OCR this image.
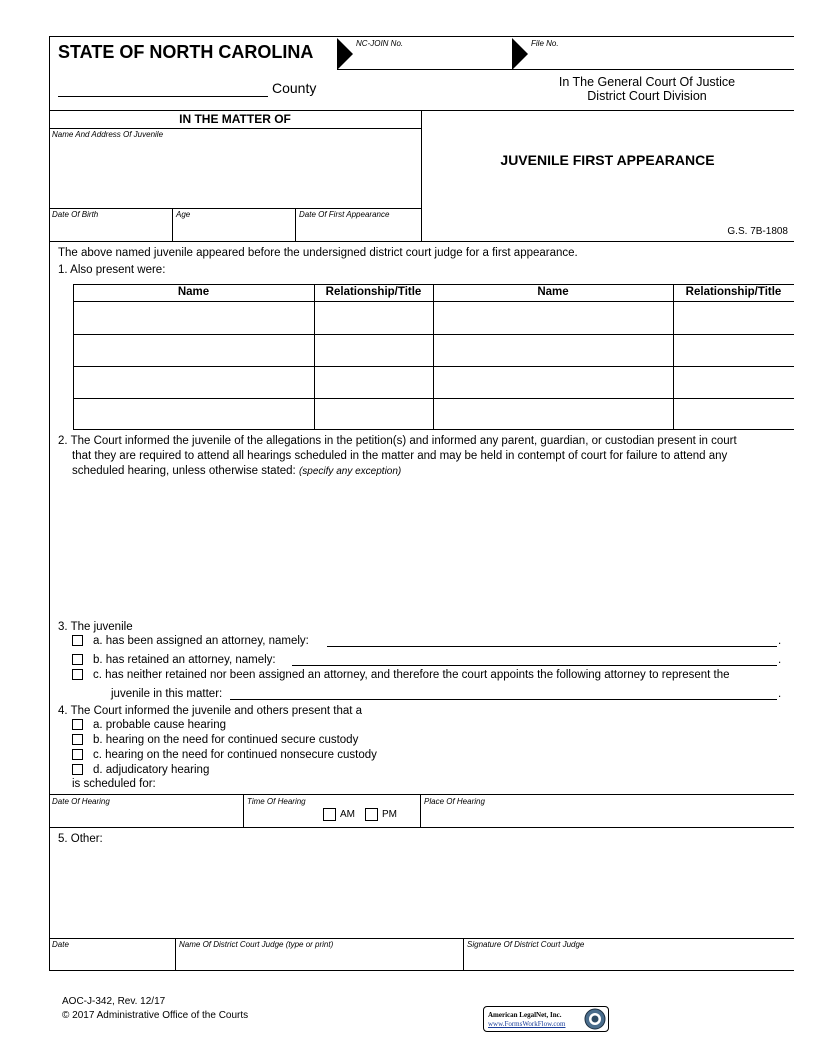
STATE OF NORTH CAROLINA	NC-JOIN No.	File No.
County	In The General Court Of Justice
District Court Division
IN THE MATTER OF
Name And Address Of Juvenile
Date Of Birth	Age	Date Of First Appearance
JUVENILE FIRST APPEARANCE
G.S. 7B-1808
The above named juvenile appeared before the undersigned district court judge for a first appearance.
1. Also present were:
Name	Relationship/Title	Name	Relationship/Title
2. The Court informed the juvenile of the allegations in the petition(s) and informed any parent, guardian, or custodian present in court
that they are required to attend all hearings scheduled in the matter and may be held in contempt of court for failure to attend any
scheduled hearing, unless otherwise stated: (specify any exception)
3. The juvenile
a. has been assigned an attorney, namely:	.
b. has retained an attorney, namely:	.
c. has neither retained nor been assigned an attorney, and therefore the court appoints the following attorney to represent the
juvenile in this matter:	.
4. The Court informed the juvenile and others present that a
a. probable cause hearing
b. hearing on the need for continued secure custody
c. hearing on the need for continued nonsecure custody
d. adjudicatory hearing
is scheduled for:
Date Of Hearing	Time Of Hearing	Place Of Hearing
AM	PM
5. Other:
Date	Name Of District Court Judge (type or print)	Signature Of District Court Judge
AOC-J-342, Rev. 12/17
© 2017 Administrative Office of the Courts	American LegalNet, Inc.
www.FormsWorkFlow.com
